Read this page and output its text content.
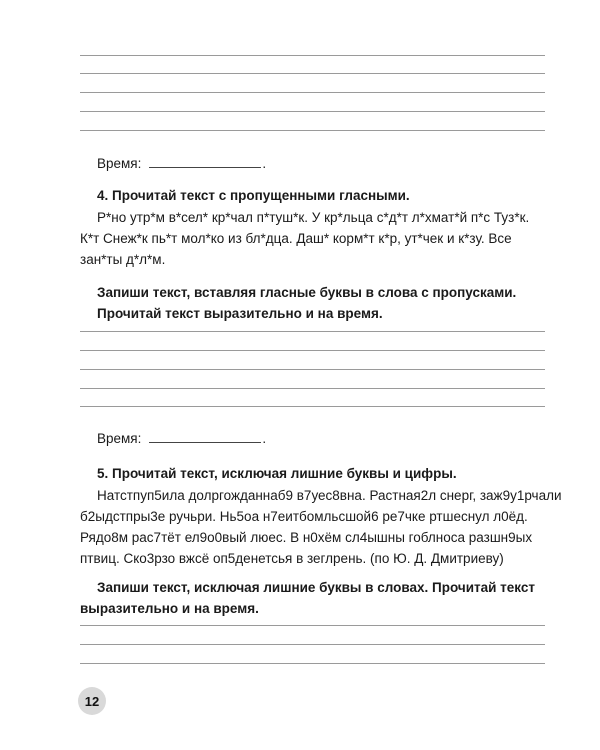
Время:	.
4. Прочитай текст с пропущенными гласными.
Р*но утр*м в*сел* кр*чал п*туш*к. У кр*льца с*д*т л*хмат*й п*с Туз*к.
К*т Снеж*к пь*т мол*ко из бл*дца. Даш* корм*т к*р, ут*чек и к*зу. Все
зан*ты д*л*м.
Запиши текст, вставляя гласные буквы в слова с пропусками.
Прочитай текст выразительно и на время.
Время:	.
5. Прочитай текст, исключая лишние буквы и цифры.
Натстпуп5ила долргожданнаб9 в7уес8вна. Растная2л снерг, заж9у1рчали
б2ыдстпры3е ручьри. Нь5оа н7еитбомльсшой6 ре7чке ртшеснул л0ёд.
Рядо8м рас7тёт ел9о0вый люес. В н0хём сл4ышны гоблноса разшн9ых
птвиц. Ско3рзо вжсё оп5денетсья в зеглрень. (по Ю. Д. Дмитриеву)
Запиши текст, исключая лишние буквы в словах. Прочитай текст
выразительно и на время.
12
